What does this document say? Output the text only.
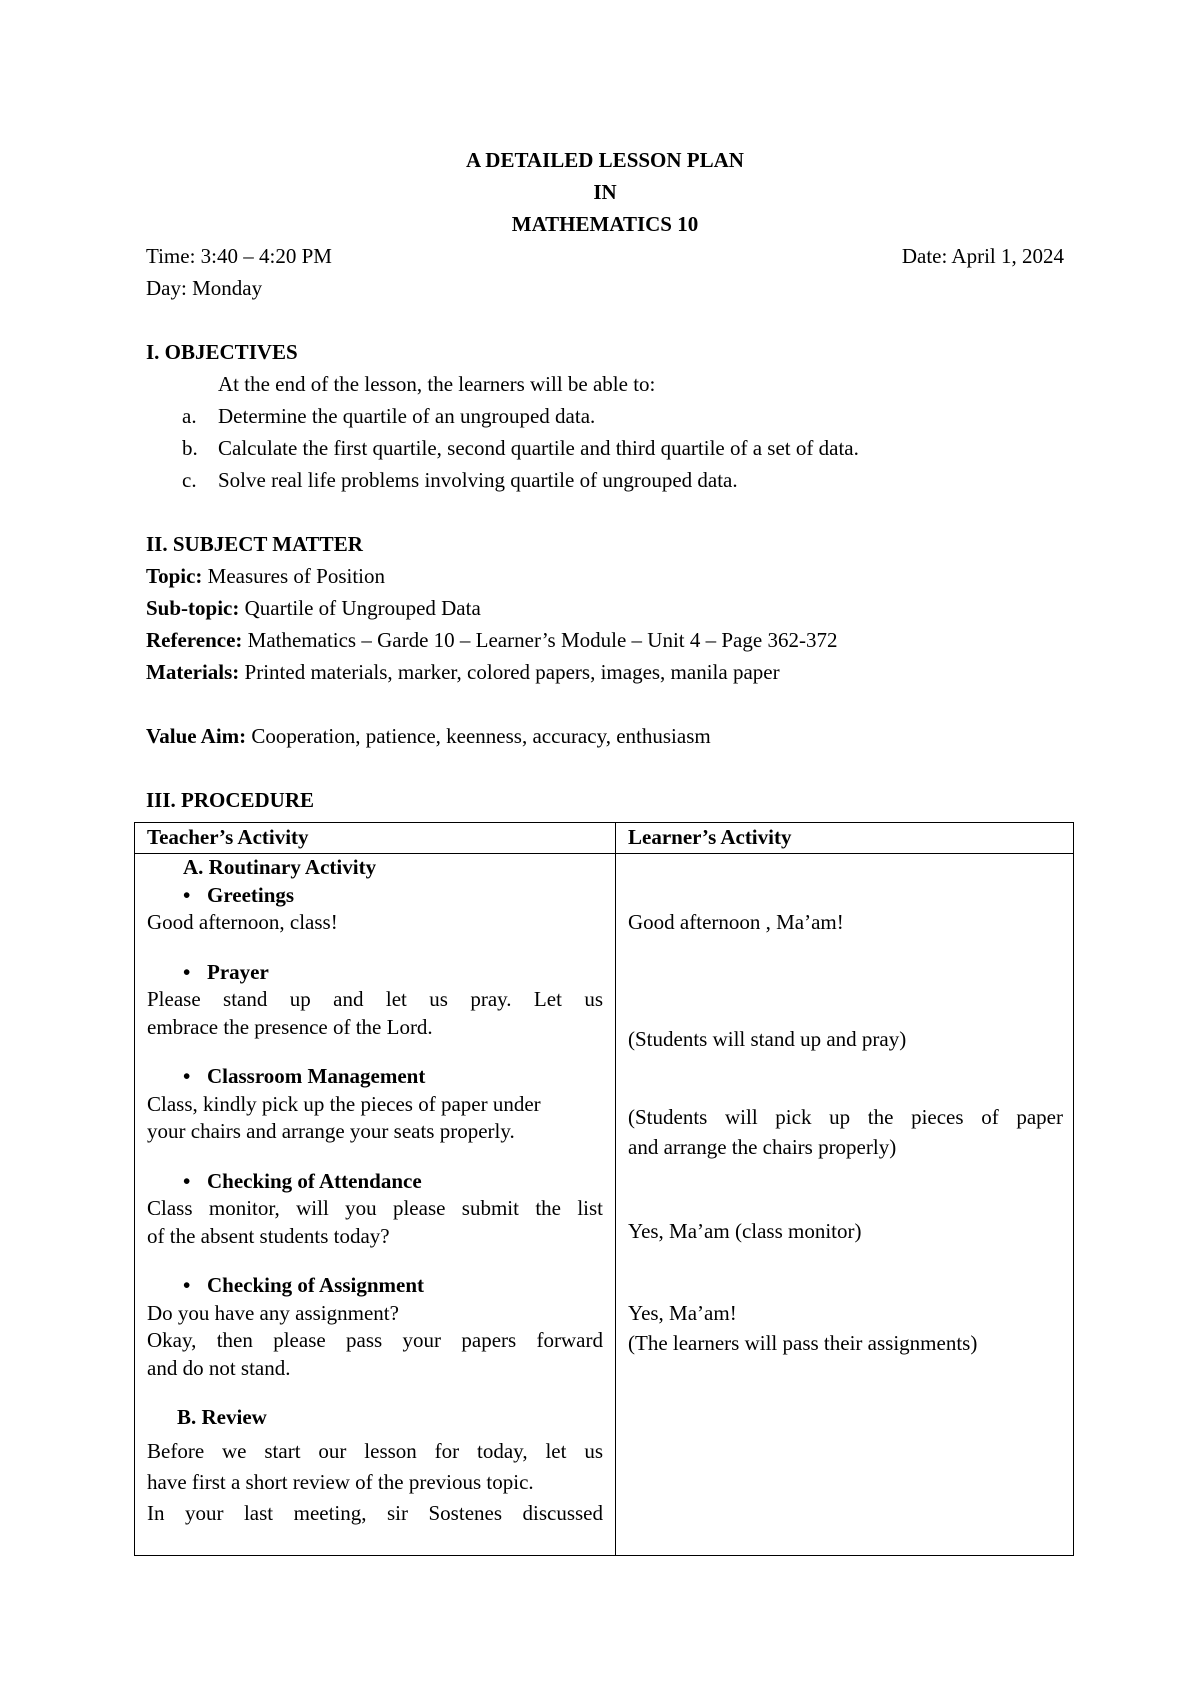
A DETAILED LESSON PLAN
IN
MATHEMATICS 10
Time: 3:40 – 4:20 PM	Date: April 1, 2024
Day: Monday
I. OBJECTIVES
At the end of the lesson, the learners will be able to:
a. Determine the quartile of an ungrouped data.
b. Calculate the first quartile, second quartile and third quartile of a set of data.
c. Solve real life problems involving quartile of ungrouped data.
II. SUBJECT MATTER
Topic: Measures of Position
Sub-topic: Quartile of Ungrouped Data
Reference: Mathematics – Garde 10 – Learner’s Module – Unit 4 – Page 362-372
Materials: Printed materials, marker, colored papers, images, manila paper
Value Aim: Cooperation, patience, keenness, accuracy, enthusiasm
III. PROCEDURE
Teacher’s Activity	Learner’s Activity
A. Routinary Activity
• Greetings
Good afternoon, class!
• Prayer
Please stand up and let us pray. Let us
embrace the presence of the Lord.
• Classroom Management
Class, kindly pick up the pieces of paper under
your chairs and arrange your seats properly.
• Checking of Attendance
Class monitor, will you please submit the list
of the absent students today?
• Checking of Assignment
Do you have any assignment?
Okay, then please pass your papers forward
and do not stand.
B. Review
Before we start our lesson for today, let us
have first a short review of the previous topic.
In your last meeting, sir Sostenes discussed
Good afternoon , Ma’am!
(Students will stand up and pray)
(Students will pick up the pieces of paper
and arrange the chairs properly)
Yes, Ma’am (class monitor)
Yes, Ma’am!
(The learners will pass their assignments)
